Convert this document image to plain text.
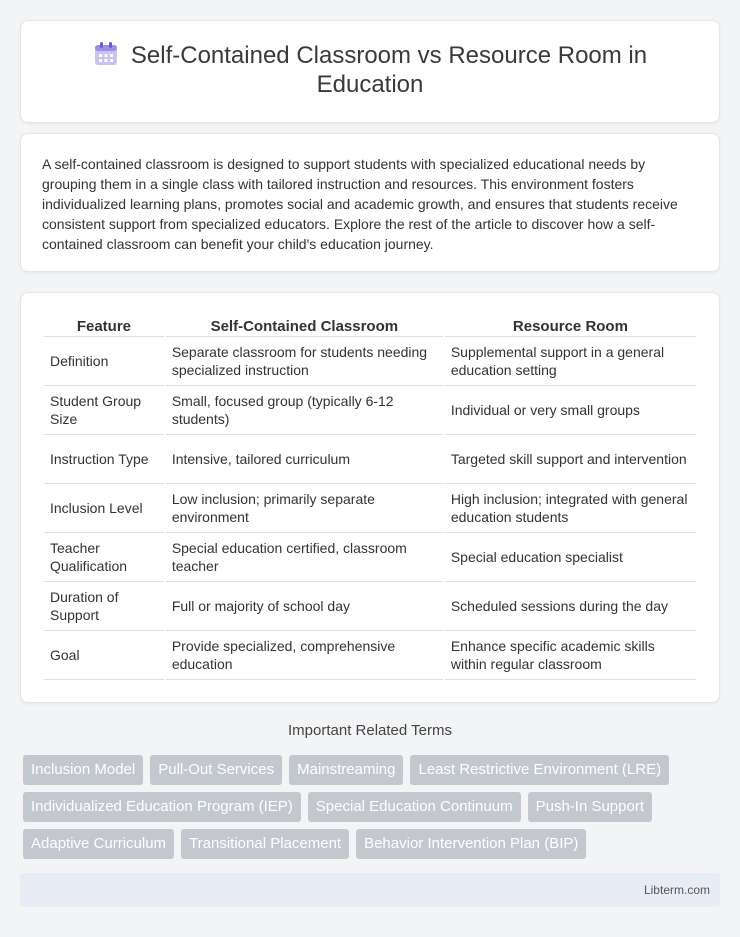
Self-Contained Classroom vs Resource Room in
Education

A self-contained classroom is designed to support students with specialized educational needs by grouping them in a single class with tailored instruction and resources. This environment fosters individualized learning plans, promotes social and academic growth, and ensures that students receive consistent support from specialized educators. Explore the rest of the article to discover how a self-contained classroom can benefit your child's education journey.

Feature	Self-Contained Classroom	Resource Room
Definition	Separate classroom for students needing specialized instruction	Supplemental support in a general education setting
Student Group Size	Small, focused group (typically 6-12 students)	Individual or very small groups
Instruction Type	Intensive, tailored curriculum	Targeted skill support and intervention
Inclusion Level	Low inclusion; primarily separate environment	High inclusion; integrated with general education students
Teacher Qualification	Special education certified, classroom teacher	Special education specialist
Duration of Support	Full or majority of school day	Scheduled sessions during the day
Goal	Provide specialized, comprehensive education	Enhance specific academic skills within regular classroom
Important Related Terms
Inclusion Model	Pull-Out Services	Mainstreaming	Least Restrictive Environment (LRE)
Individualized Education Program (IEP)	Special Education Continuum	Push-In Support
Adaptive Curriculum	Transitional Placement	Behavior Intervention Plan (BIP)
Libterm.com
